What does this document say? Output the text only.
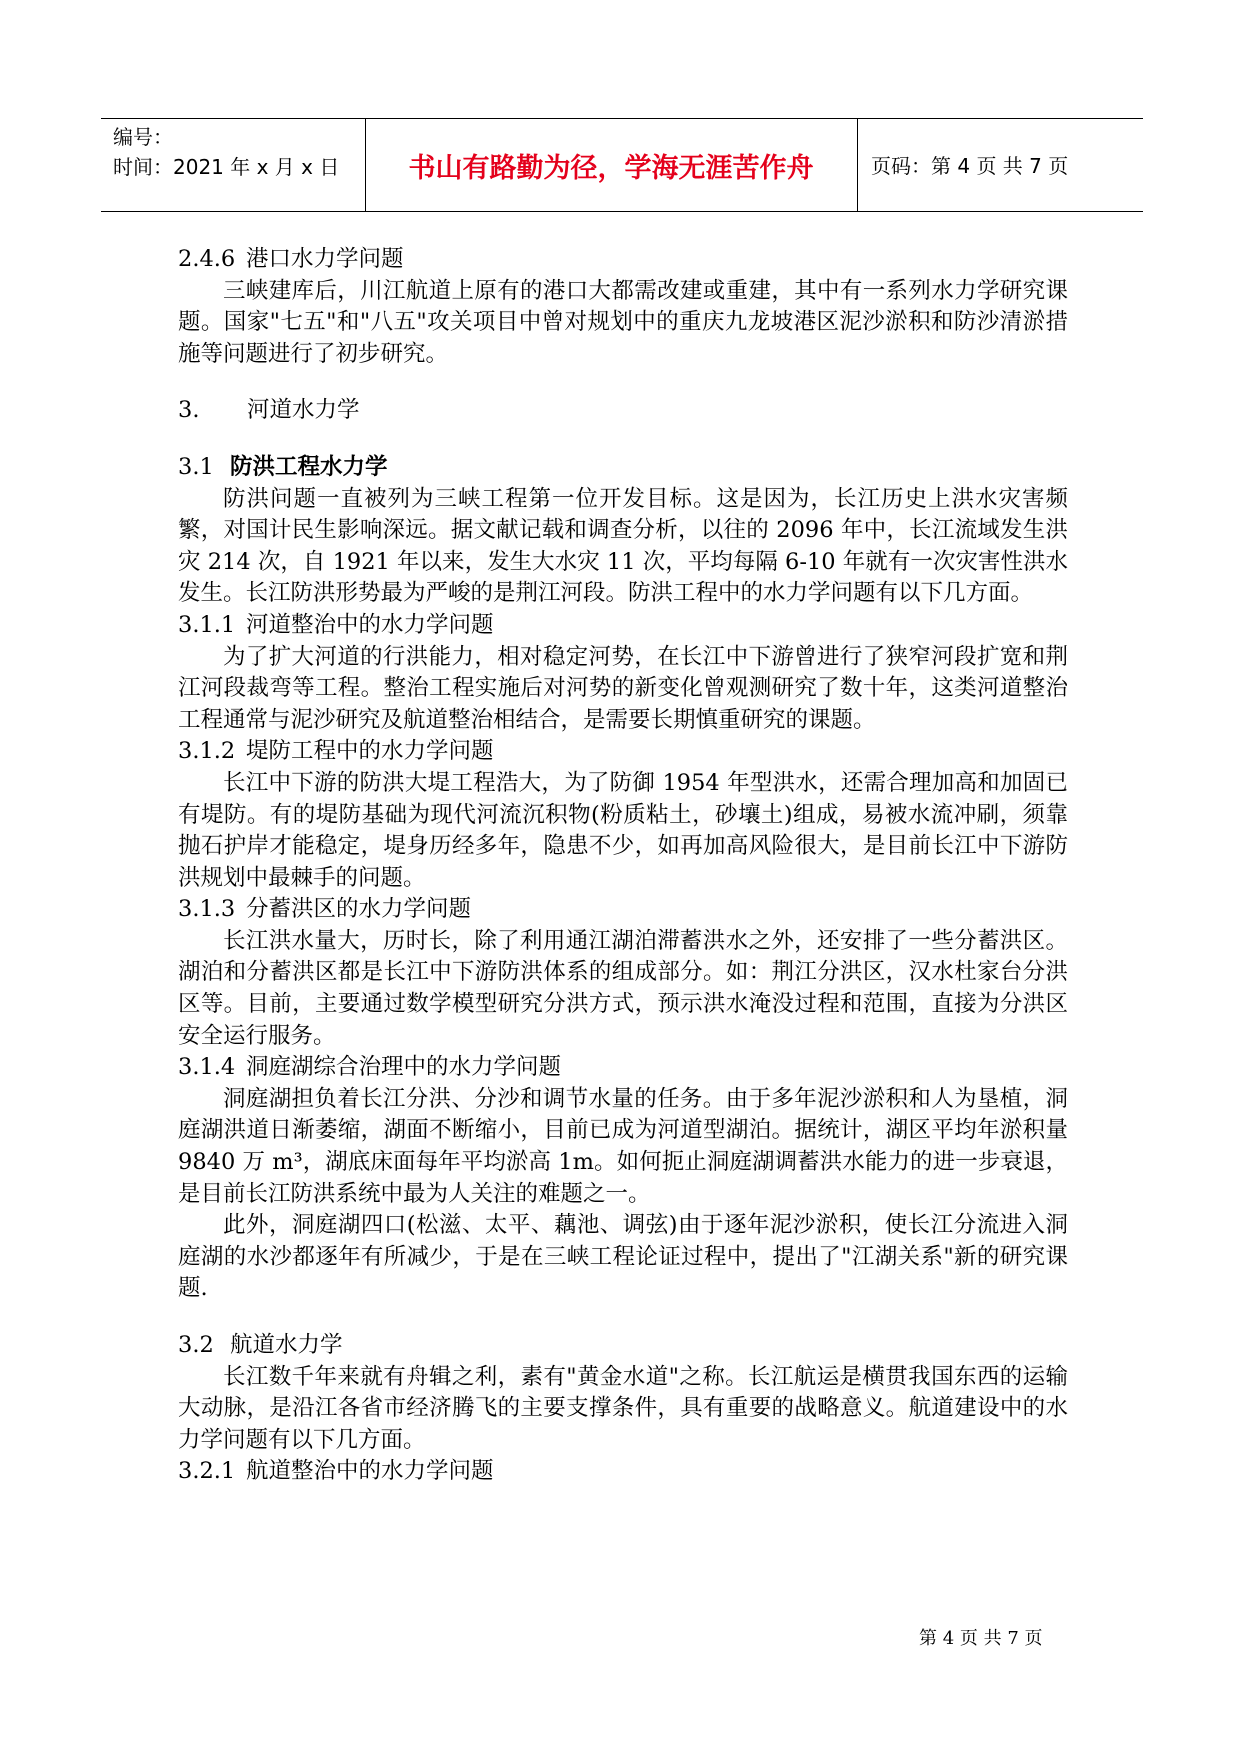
编号：
时间：2021 年 x 月 x 日	书山有路勤为径，学海无涯苦作舟	页码：第 4 页 共 7 页
2.4.6 港口水力学问题

三峡建库后，川江航道上原有的港口大都需改建或重建，其中有一系列水力学研究课题。国家"七五"和"八五"攻关项目中曾对规划中的重庆九龙坡港区泥沙淤积和防沙清淤措施等问题进行了初步研究。

3. 河道水力学
3.1 防洪工程水力学

防洪问题一直被列为三峡工程第一位开发目标。这是因为，长江历史上洪水灾害频繁，对国计民生影响深远。据文献记载和调查分析，以往的 2096 年中，长江流域发生洪灾 214 次，自 1921 年以来，发生大水灾 11 次，平均每隔 6-10 年就有一次灾害性洪水发生。长江防洪形势最为严峻的是荆江河段。防洪工程中的水力学问题有以下几方面。

3.1.1 河道整治中的水力学问题

为了扩大河道的行洪能力，相对稳定河势，在长江中下游曾进行了狭窄河段扩宽和荆江河段裁弯等工程。整治工程实施后对河势的新变化曾观测研究了数十年，这类河道整治工程通常与泥沙研究及航道整治相结合，是需要长期慎重研究的课题。

3.1.2 堤防工程中的水力学问题

长江中下游的防洪大堤工程浩大，为了防御 1954 年型洪水，还需合理加高和加固已有堤防。有的堤防基础为现代河流沉积物(粉质粘土，砂壤土)组成，易被水流冲刷，须靠抛石护岸才能稳定，堤身历经多年，隐患不少，如再加高风险很大，是目前长江中下游防洪规划中最棘手的问题。

3.1.3 分蓄洪区的水力学问题

长江洪水量大，历时长，除了利用通江湖泊滞蓄洪水之外，还安排了一些分蓄洪区。 湖泊和分蓄洪区都是长江中下游防洪体系的组成部分。如：荆江分洪区，汉水杜家台分洪区等。目前，主要通过数学模型研究分洪方式，预示洪水淹没过程和范围，直接为分洪区安全运行服务。

3.1.4 洞庭湖综合治理中的水力学问题

洞庭湖担负着长江分洪、分沙和调节水量的任务。由于多年泥沙淤积和人为垦植，洞庭湖洪道日渐萎缩，湖面不断缩小，目前已成为河道型湖泊。据统计，湖区平均年淤积量 9840 万 m³，湖底床面每年平均淤高 1m。如何扼止洞庭湖调蓄洪水能力的进一步衰退，是目前长江防洪系统中最为人关注的难题之一。

此外，洞庭湖四口(松滋、太平、藕池、调弦)由于逐年泥沙淤积，使长江分流进入洞庭湖的水沙都逐年有所减少，于是在三峡工程论证过程中，提出了"江湖关系"新的研究课题.

3.2 航道水力学

长江数千年来就有舟辑之利，素有"黄金水道"之称。长江航运是横贯我国东西的运输大动脉，是沿江各省市经济腾飞的主要支撑条件，具有重要的战略意义。航道建设中的水力学问题有以下几方面。

3.2.1 航道整治中的水力学问题
第 4 页 共 7 页
